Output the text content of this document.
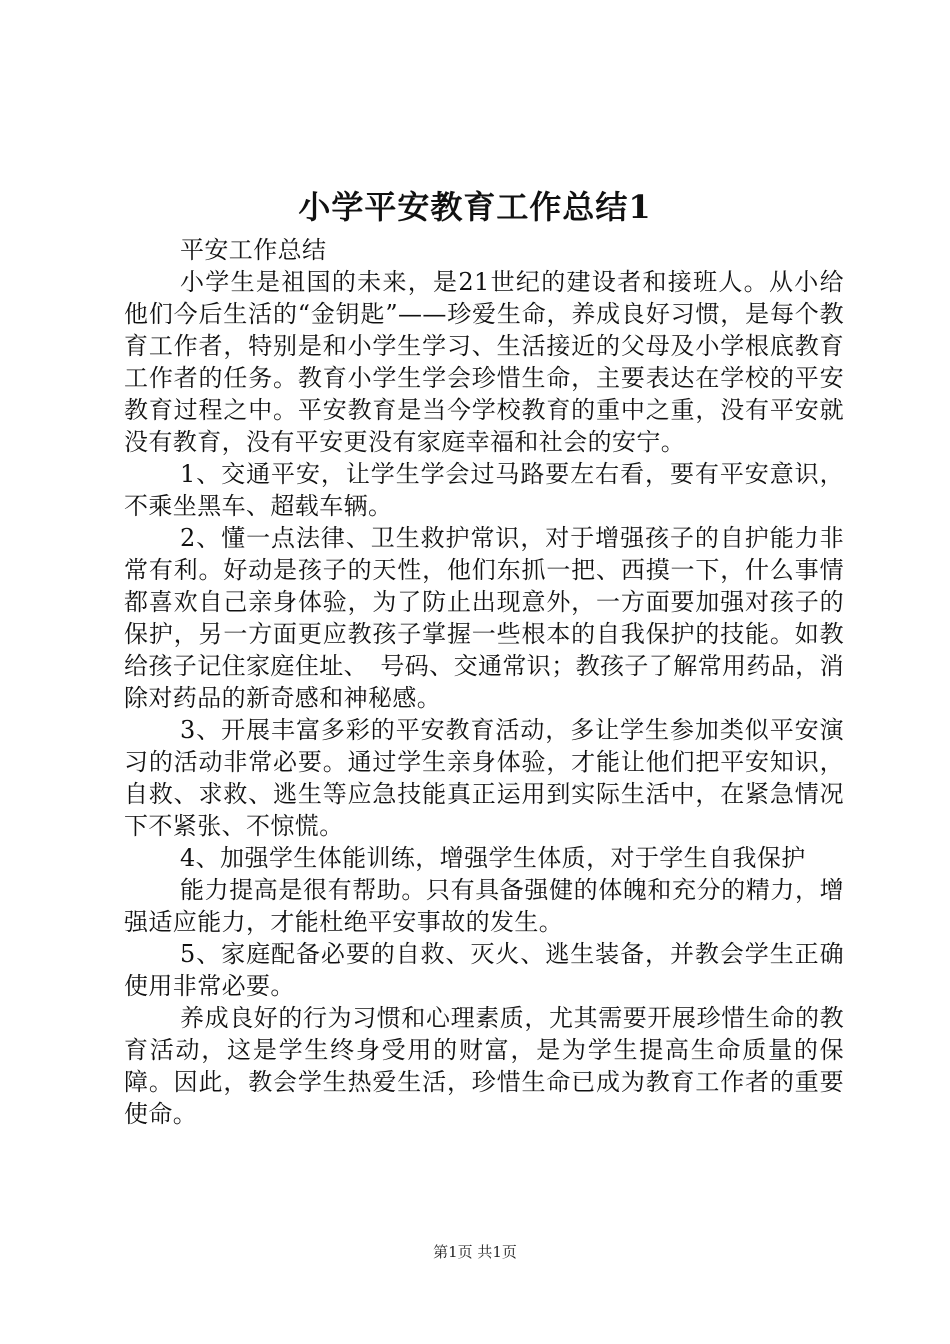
小学平安教育工作总结1

平安工作总结

小学生是祖国的未来，是21世纪的建设者和接班人。从小给他们今后生活的“金钥匙”——珍爱生命，养成良好习惯，是每个教育工作者，特别是和小学生学习、生活接近的父母及小学根底教育工作者的任务。教育小学生学会珍惜生命，主要表达在学校的平安教育过程之中。平安教育是当今学校教育的重中之重，没有平安就没有教育，没有平安更没有家庭幸福和社会的安宁。

1、交通平安，让学生学会过马路要左右看，要有平安意识，不乘坐黑车、超载车辆。

2、懂一点法律、卫生救护常识，对于增强孩子的自护能力非常有利。好动是孩子的天性，他们东抓一把、西摸一下，什么事情都喜欢自己亲身体验，为了防止出现意外，一方面要加强对孩子的保护，另一方面更应教孩子掌握一些根本的自我保护的技能。如教给孩子记住家庭住址、　号码、交通常识；教孩子了解常用药品，消除对药品的新奇感和神秘感。

3、开展丰富多彩的平安教育活动，多让学生参加类似平安演习的活动非常必要。通过学生亲身体验，才能让他们把平安知识，自救、求救、逃生等应急技能真正运用到实际生活中，在紧急情况下不紧张、不惊慌。

4、加强学生体能训练，增强学生体质，对于学生自我保护

能力提高是很有帮助。只有具备强健的体魄和充分的精力，增强适应能力，才能杜绝平安事故的发生。

5、家庭配备必要的自救、灭火、逃生装备，并教会学生正确使用非常必要。

养成良好的行为习惯和心理素质，尤其需要开展珍惜生命的教育活动，这是学生终身受用的财富，是为学生提高生命质量的保障。因此，教会学生热爱生活，珍惜生命已成为教育工作者的重要使命。

第1页 共1页
